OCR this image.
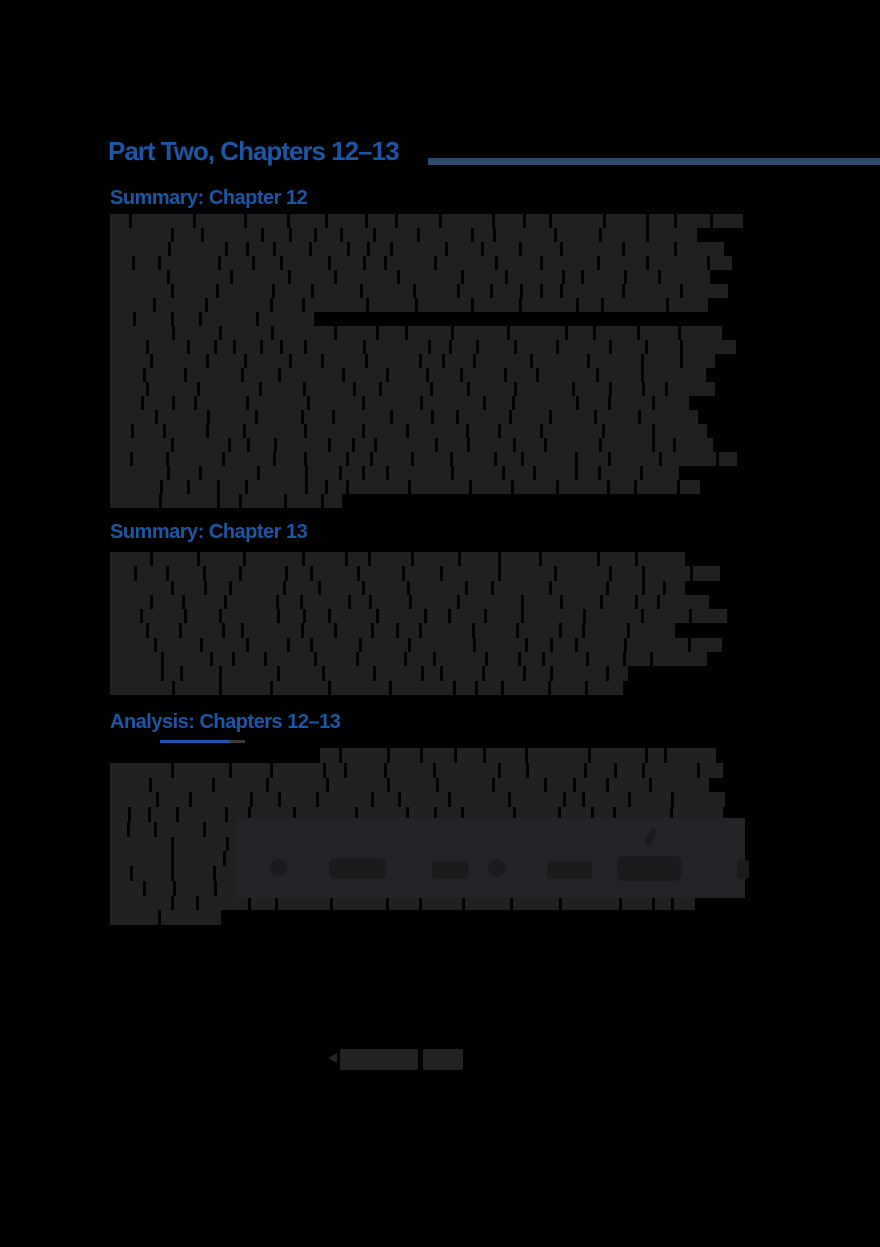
Part Two, Chapters 12–13
Summary: Chapter 12
Summary: Chapter 13
Analysis: Chapters 12–13
